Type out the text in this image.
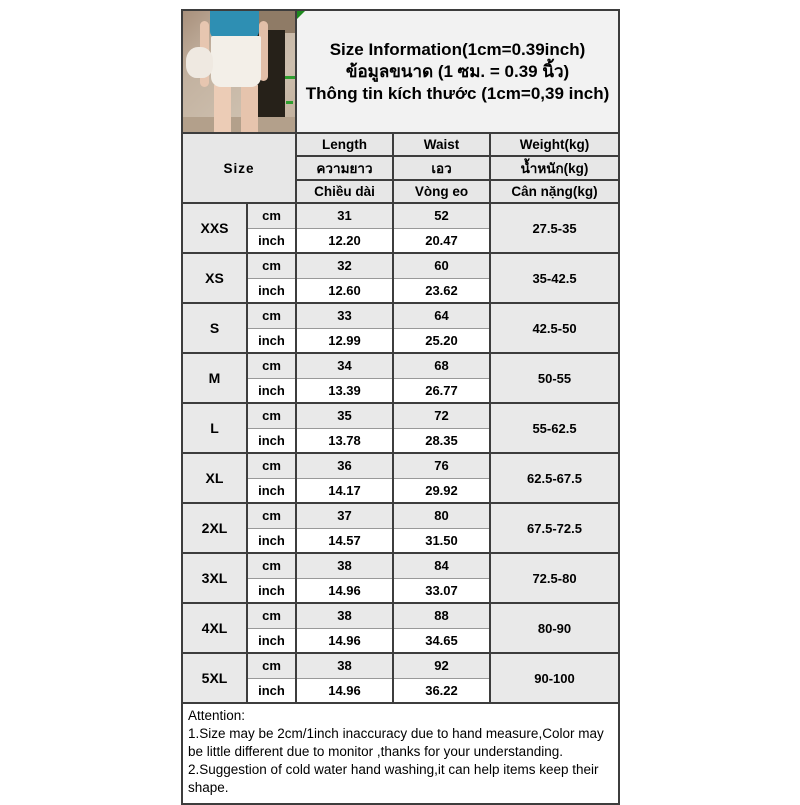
		Size Information(1cm=0.39inch)
ข้อมูลขนาด (1 ซม. = 0.39 นิ้ว)
Thông tin kích thước (1cm=0,39 inch)		

Size		Length	Waist	Weight(kg)
		ความยาว	เอว	น้ำหนัก(kg)
		Chiều dài	Vòng eo	Cân nặng(kg)
XXS	cm	31	52	27.5-35
	inch	12.20	20.47	
XS	cm	32	60	35-42.5
	inch	12.60	23.62	
S	cm	33	64	42.5-50
	inch	12.99	25.20	
M	cm	34	68	50-55
	inch	13.39	26.77	
L	cm	35	72	55-62.5
	inch	13.78	28.35	
XL	cm	36	76	62.5-67.5
	inch	14.17	29.92	
2XL	cm	37	80	67.5-72.5
	inch	14.57	31.50	
3XL	cm	38	84	72.5-80
	inch	14.96	33.07	
4XL	cm	38	88	80-90
	inch	14.96	34.65	
5XL	cm	38	92	90-100
	inch	14.96	36.22	

Attention:
1.Size may be 2cm/1inch inaccuracy due to hand measure,Color may be little different due to monitor ,thanks for your understanding.
2.Suggestion of cold water hand washing,it can help items keep their shape.				
